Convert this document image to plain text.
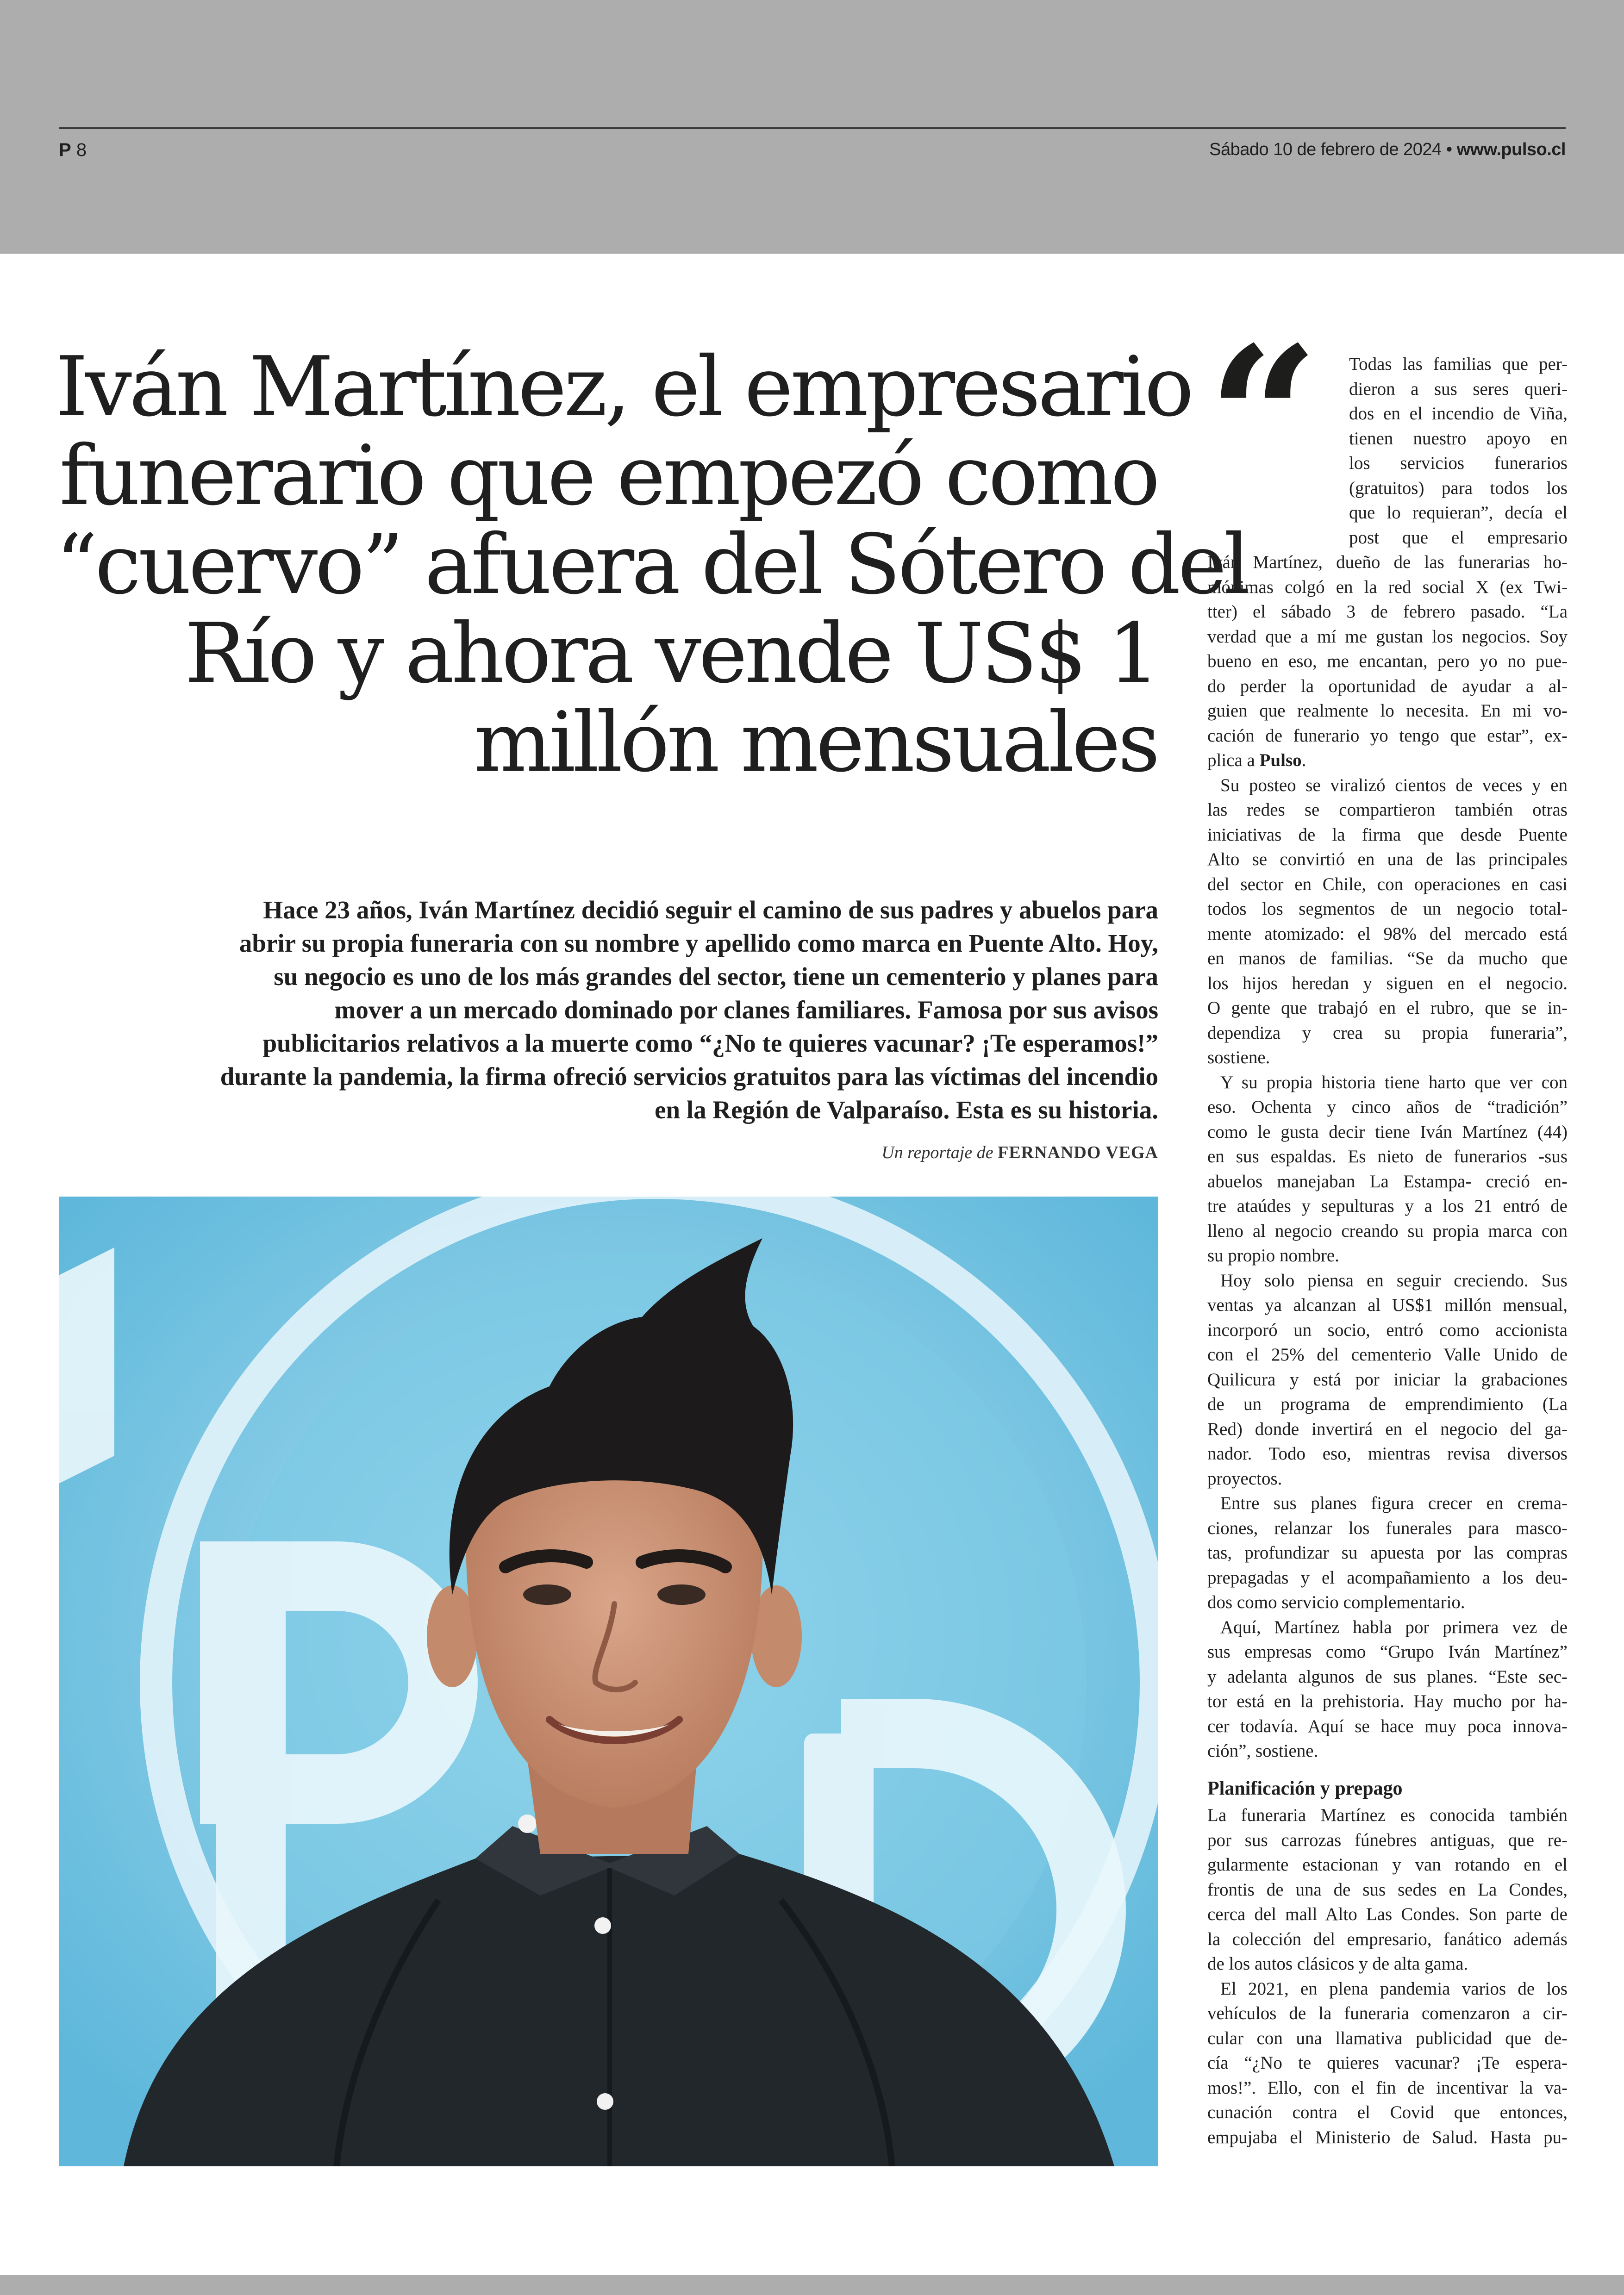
P 8	Sábado 10 de febrero de 2024 • www.pulso.cl
Iván Martínez, el empresario
funerario que empezó como
“cuervo” afuera del Sótero del
Río y ahora vende US$ 1
millón mensuales
Hace 23 años, Iván Martínez decidió seguir el camino de sus padres y abuelos para
abrir su propia funeraria con su nombre y apellido como marca en Puente Alto. Hoy,
su negocio es uno de los más grandes del sector, tiene un cementerio y planes para
mover a un mercado dominado por clanes familiares. Famosa por sus avisos
publicitarios relativos a la muerte como “¿No te quieres vacunar? ¡Te esperamos!”
durante la pandemia, la firma ofreció servicios gratuitos para las víctimas del incendio
en la Región de Valparaíso. Esta es su historia.
Un reportaje de FERNANDO VEGA
“ Todas las familias que per-
dieron a sus seres queri-
dos en el incendio de Viña,
tienen nuestro apoyo en
los servicios funerarios
(gratuitos) para todos los
que lo requieran”, decía el
post que el empresario
Iván Martínez, dueño de las funerarias ho-
mónimas colgó en la red social X (ex Twi-
tter) el sábado 3 de febrero pasado. “La
verdad que a mí me gustan los negocios. Soy
bueno en eso, me encantan, pero yo no pue-
do perder la oportunidad de ayudar a al-
guien que realmente lo necesita. En mi vo-
cación de funerario yo tengo que estar”, ex-
plica a Pulso.
Su posteo se viralizó cientos de veces y en
las redes se compartieron también otras
iniciativas de la firma que desde Puente
Alto se convirtió en una de las principales
del sector en Chile, con operaciones en casi
todos los segmentos de un negocio total-
mente atomizado: el 98% del mercado está
en manos de familias. “Se da mucho que
los hijos heredan y siguen en el negocio.
O gente que trabajó en el rubro, que se in-
dependiza y crea su propia funeraria”,
sostiene.
Y su propia historia tiene harto que ver con
eso. Ochenta y cinco años de “tradición”
como le gusta decir tiene Iván Martínez (44)
en sus espaldas. Es nieto de funerarios -sus
abuelos manejaban La Estampa- creció en-
tre ataúdes y sepulturas y a los 21 entró de
lleno al negocio creando su propia marca con
su propio nombre.
Hoy solo piensa en seguir creciendo. Sus
ventas ya alcanzan al US$1 millón mensual,
incorporó un socio, entró como accionista
con el 25% del cementerio Valle Unido de
Quilicura y está por iniciar la grabaciones
de un programa de emprendimiento (La
Red) donde invertirá en el negocio del ga-
nador. Todo eso, mientras revisa diversos
proyectos.
Entre sus planes figura crecer en crema-
ciones, relanzar los funerales para masco-
tas, profundizar su apuesta por las compras
prepagadas y el acompañamiento a los deu-
dos como servicio complementario.
Aquí, Martínez habla por primera vez de
sus empresas como “Grupo Iván Martínez”
y adelanta algunos de sus planes. “Este sec-
tor está en la prehistoria. Hay mucho por ha-
cer todavía. Aquí se hace muy poca innova-
ción”, sostiene.
Planificación y prepago
La funeraria Martínez es conocida también
por sus carrozas fúnebres antiguas, que re-
gularmente estacionan y van rotando en el
frontis de una de sus sedes en La Condes,
cerca del mall Alto Las Condes. Son parte de
la colección del empresario, fanático además
de los autos clásicos y de alta gama.
El 2021, en plena pandemia varios de los
vehículos de la funeraria comenzaron a cir-
cular con una llamativa publicidad que de-
cía “¿No te quieres vacunar? ¡Te espera-
mos!”. Ello, con el fin de incentivar la va-
cunación contra el Covid que entonces,
empujaba el Ministerio de Salud. Hasta pu-
